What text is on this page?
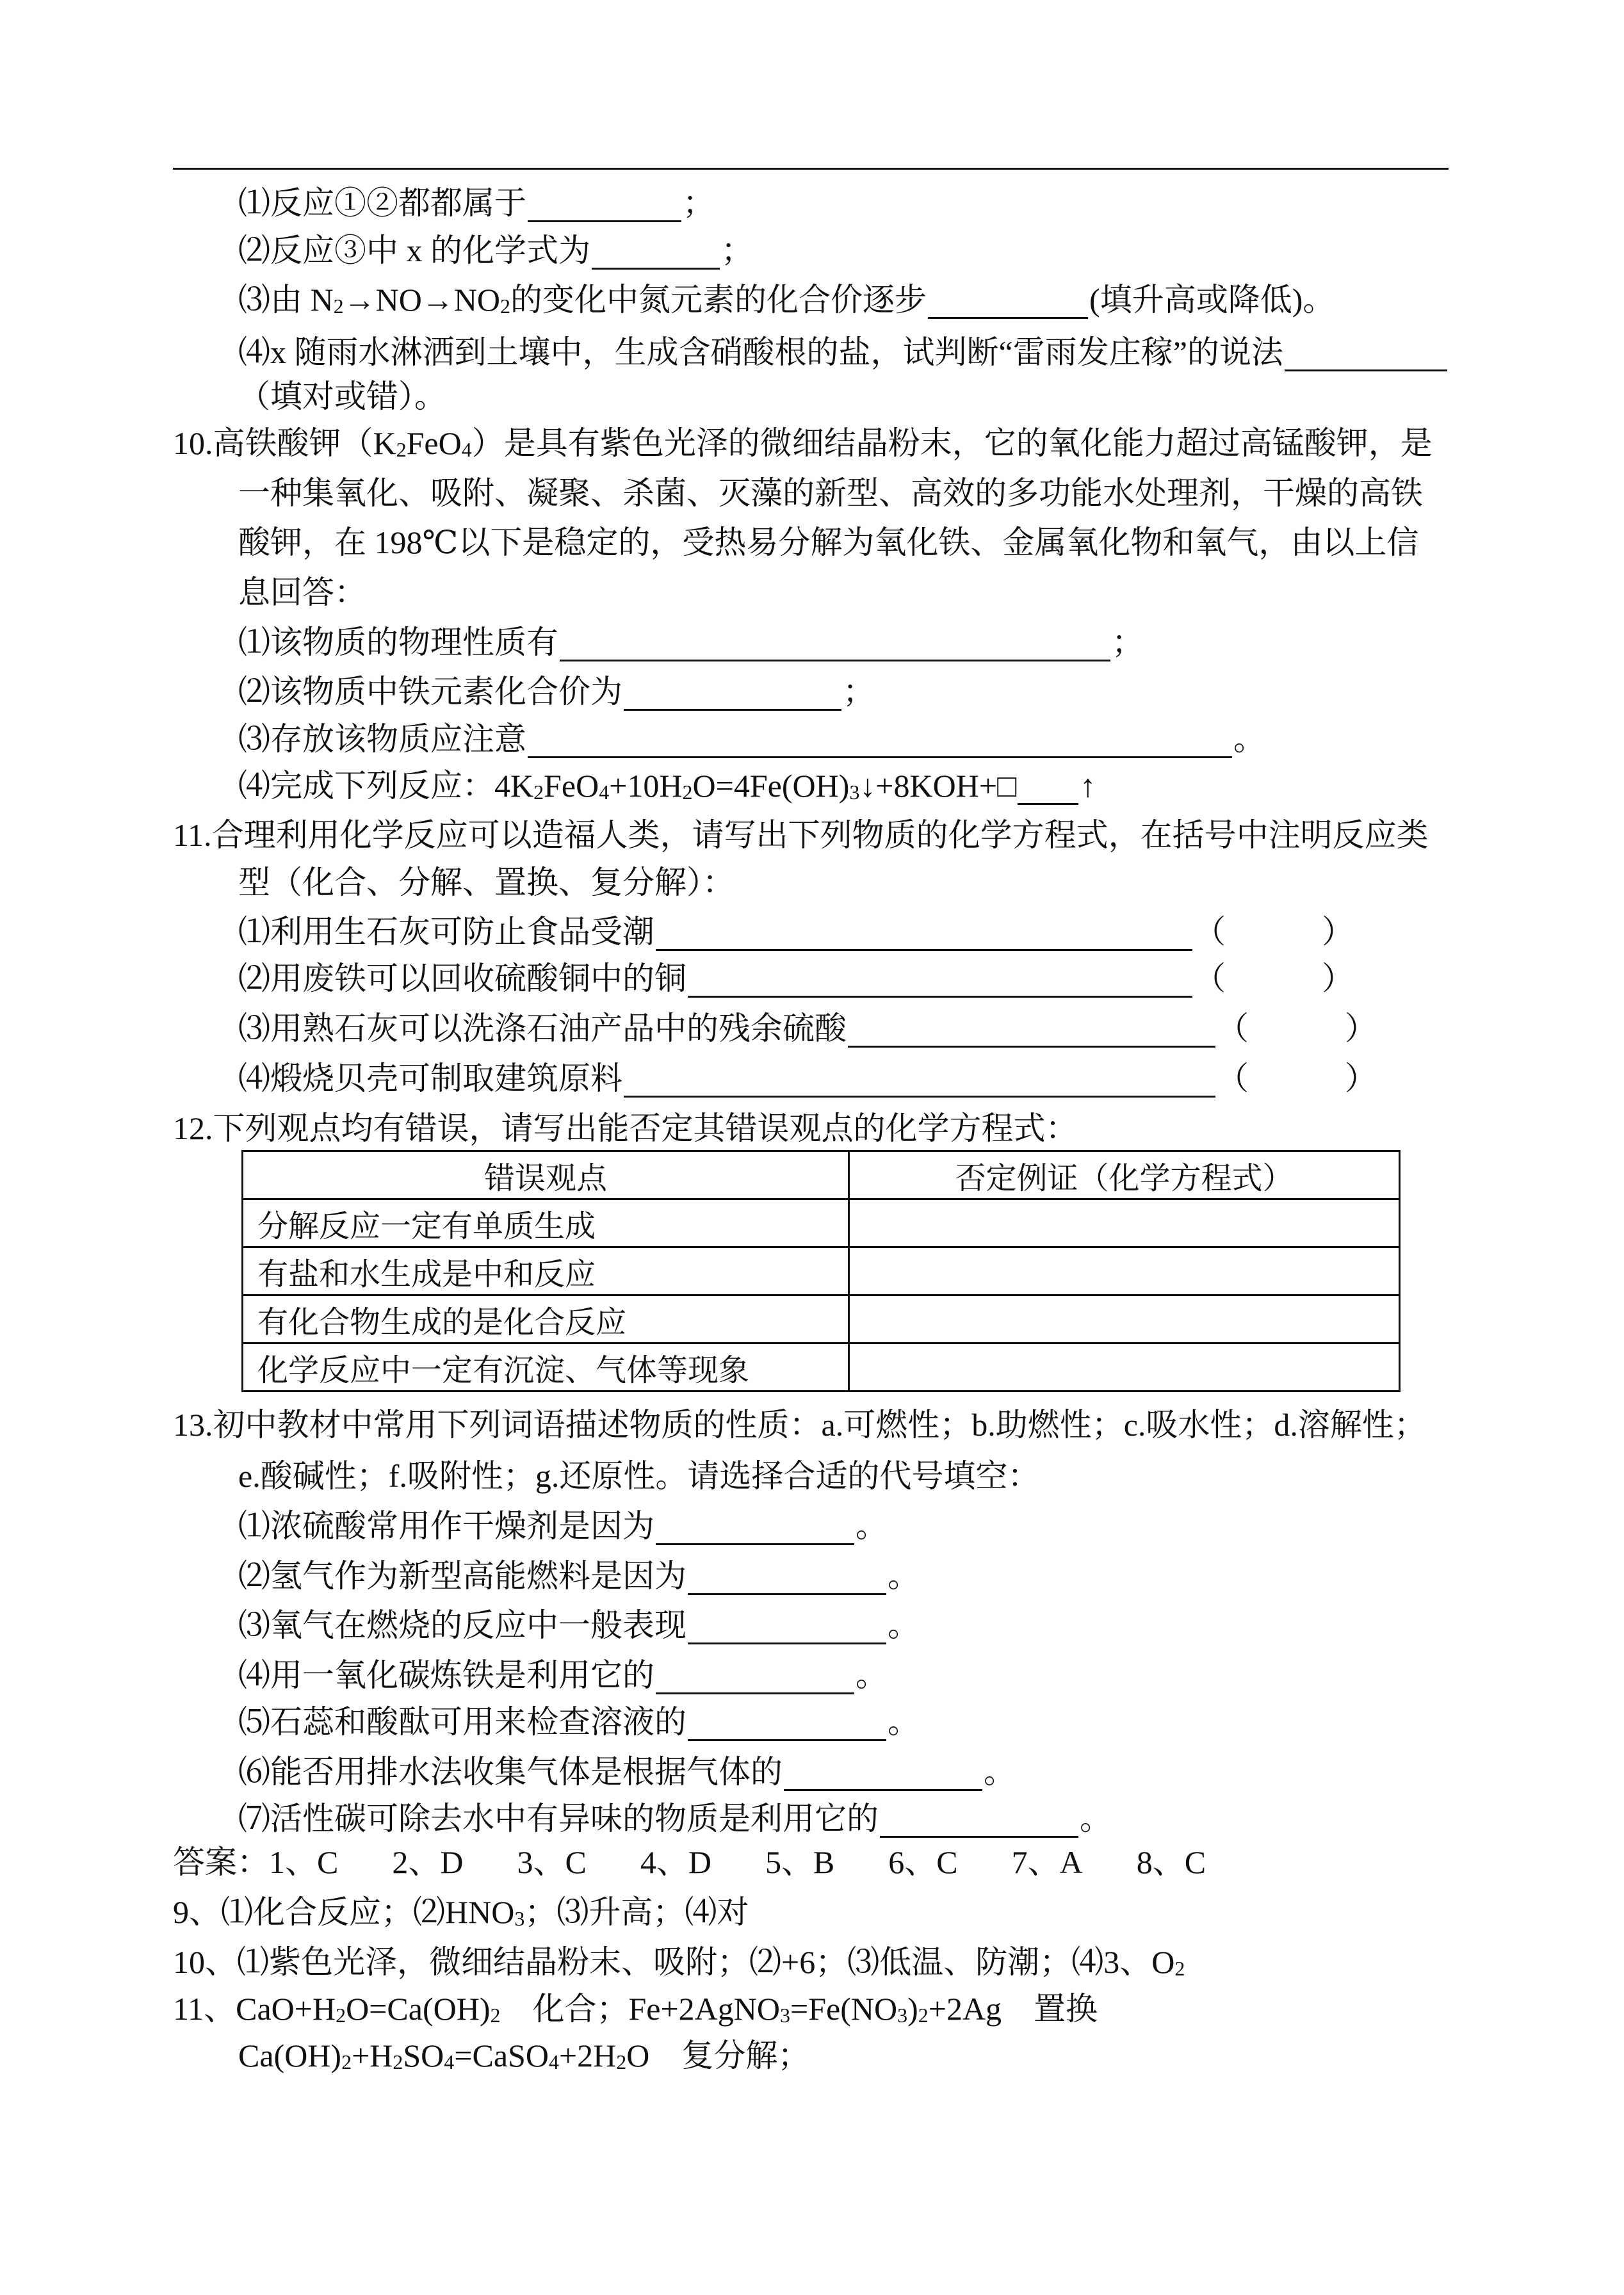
⑴反应①②都都属于	；
⑵反应③中 x 的化学式为	；
⑶由 N 2 →NO→NO 2 的变化中氮元素的化合价逐步	(填升高或降低)。
⑷x 随雨水淋洒到土壤中，生成含硝酸根的盐，试判断“雷雨发庄稼”的说法
（填对或错）。
10.高铁酸钾（K 2 FeO 4 ）是具有紫色光泽的微细结晶粉末，它的氧化能力超过高锰酸钾，是
一种集氧化、吸附、凝聚、杀菌、灭藻的新型、高效的多功能水处理剂，干燥的高铁
酸钾，在 198℃以下是稳定的，受热易分解为氧化铁、金属氧化物和氧气，由以上信
息回答：
⑴该物质的物理性质有	；
⑵该物质中铁元素化合价为	；
⑶存放该物质应注意	。
⑷完成下列反应：4K 2 FeO 4 +10H 2 O=4Fe(OH) 3 ↓+8KOH+□ ↑
11.合理利用化学反应可以造福人类，请写出下列物质的化学方程式，在括号中注明反应类
型（化合、分解、置换、复分解）：
⑴利用生石灰可防止食品受潮	（　　　）
⑵用废铁可以回收硫酸铜中的铜	（　　　）
⑶用熟石灰可以洗涤石油产品中的残余硫酸	（　　　）
⑷煅烧贝壳可制取建筑原料	（　　　）
12.下列观点均有错误，请写出能否定其错误观点的化学方程式：
13.初中教材中常用下列词语描述物质的性质：a.可燃性；b.助燃性；c.吸水性；d.溶解性；
e.酸碱性；f.吸附性；g.还原性。请选择合适的代号填空：
⑴浓硫酸常用作干燥剂是因为	。
⑵氢气作为新型高能燃料是因为	。
⑶氧气在燃烧的反应中一般表现	。
⑷用一氧化碳炼铁是利用它的	。
⑸石蕊和酸酞可用来检查溶液的	。
⑹能否用排水法收集气体是根据气体的	。
⑺活性碳可除去水中有异味的物质是利用它的	。
答案：1、C 2、D 3、C 4、D 5、B 6、C 7、A 8、C
9、⑴化合反应；⑵HNO 3 ；⑶升高；⑷对
10、⑴紫色光泽，微细结晶粉末、吸附；⑵+6；⑶低温、防潮；⑷3、O 2
11、CaO+H 2 O=Ca(OH) 2 　化合；Fe+2AgNO 3 =Fe(NO 3 ) 2 +2Ag　置换
Ca(OH) 2 +H 2 SO 4 =CaSO 4 +2H 2 O　复分解；
错误观点	否定例证（化学方程式）
分解反应一定有单质生成	
有盐和水生成是中和反应	
有化合物生成的是化合反应	
化学反应中一定有沉淀、气体等现象	
